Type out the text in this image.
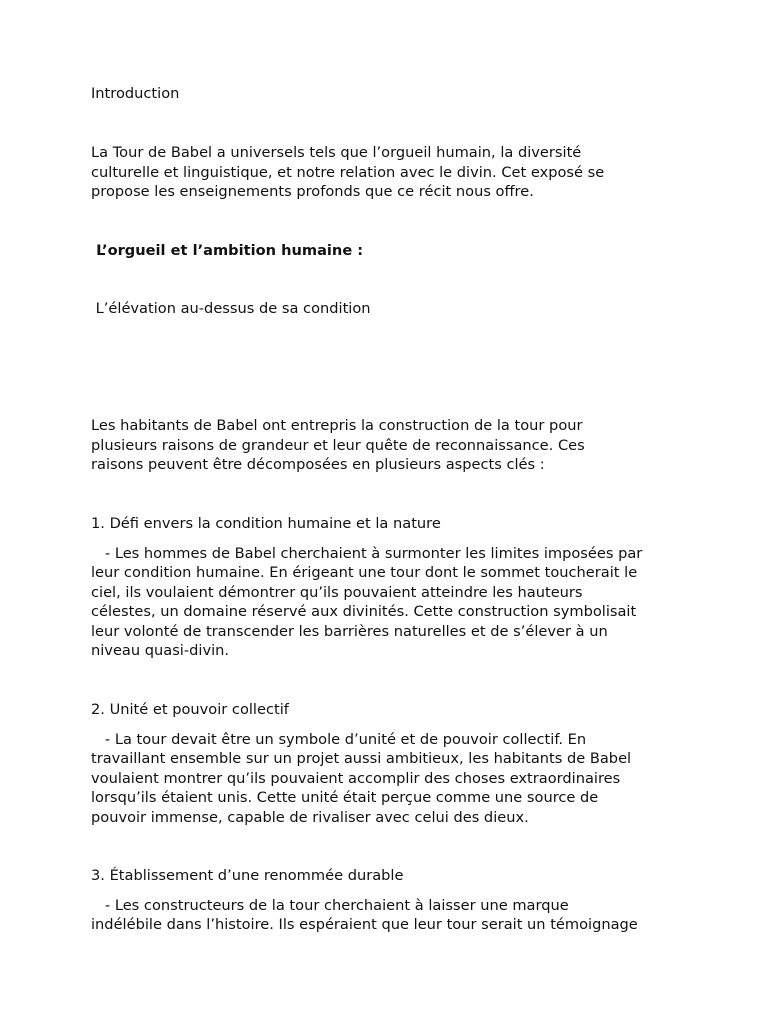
Introduction
La Tour de Babel a universels tels que l’orgueil humain, la diversité
culturelle et linguistique, et notre relation avec le divin. Cet exposé se
propose les enseignements profonds que ce récit nous offre.
L’orgueil et l’ambition humaine :
L’élévation au-dessus de sa condition
Les habitants de Babel ont entrepris la construction de la tour pour
plusieurs raisons de grandeur et leur quête de reconnaissance. Ces
raisons peuvent être décomposées en plusieurs aspects clés :
1. Défi envers la condition humaine et la nature
- Les hommes de Babel cherchaient à surmonter les limites imposées par
leur condition humaine. En érigeant une tour dont le sommet toucherait le
ciel, ils voulaient démontrer qu’ils pouvaient atteindre les hauteurs
célestes, un domaine réservé aux divinités. Cette construction symbolisait
leur volonté de transcender les barrières naturelles et de s’élever à un
niveau quasi-divin.
2. Unité et pouvoir collectif
- La tour devait être un symbole d’unité et de pouvoir collectif. En
travaillant ensemble sur un projet aussi ambitieux, les habitants de Babel
voulaient montrer qu’ils pouvaient accomplir des choses extraordinaires
lorsqu’ils étaient unis. Cette unité était perçue comme une source de
pouvoir immense, capable de rivaliser avec celui des dieux.
3. Établissement d’une renommée durable
- Les constructeurs de la tour cherchaient à laisser une marque
indélébile dans l’histoire. Ils espéraient que leur tour serait un témoignage
